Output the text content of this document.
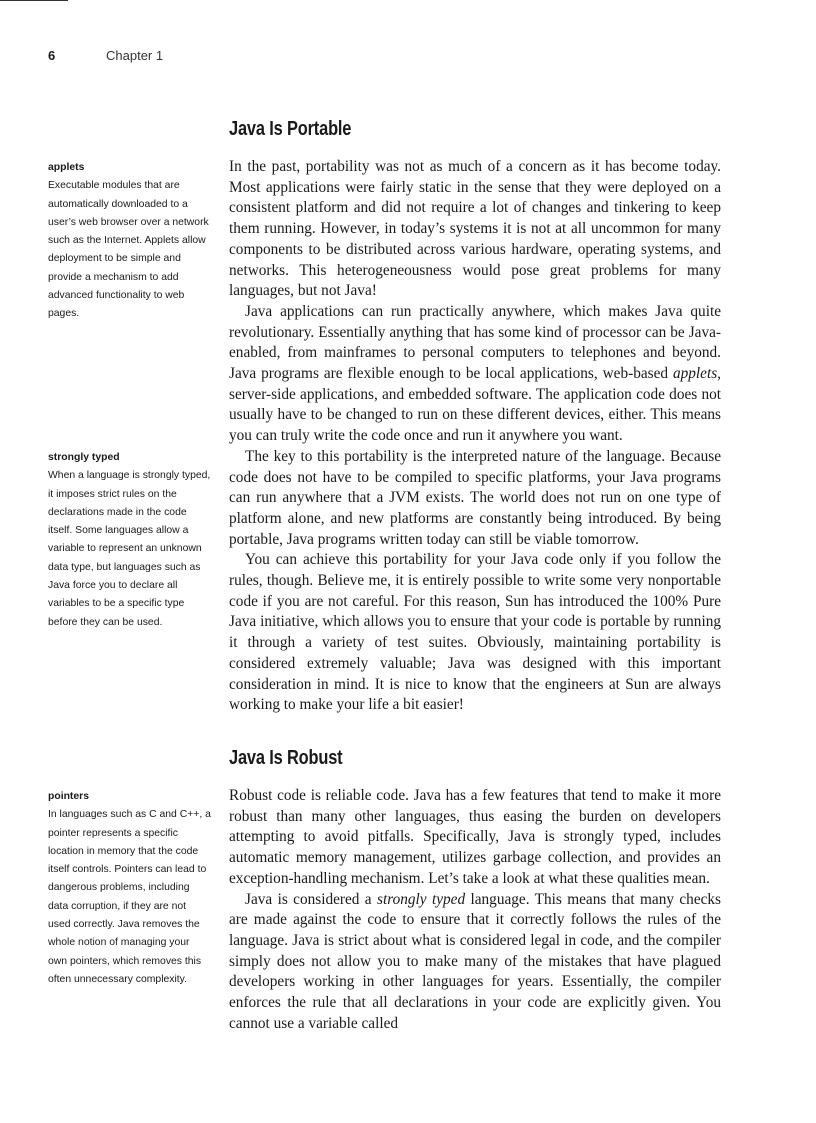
6	Chapter 1
Java Is Portable

In the past, portability was not as much of a concern as it has become today. Most applications were fairly static in the sense that they were deployed on a consistent platform and did not require a lot of changes and tinkering to keep them running. However, in today’s systems it is not at all uncommon for many components to be distributed across various hardware, operating systems, and networks. This heterogeneousness would pose great problems for many languages, but not Java!

Java applications can run practically anywhere, which makes Java quite revolutionary. Essentially anything that has some kind of processor can be Java-enabled, from mainframes to personal computers to telephones and beyond. Java programs are flexible enough to be local applications, web-based applets, server-side applications, and embedded software. The application code does not usually have to be changed to run on these different devices, either. This means you can truly write the code once and run it anywhere you want.

The key to this portability is the interpreted nature of the language. Because code does not have to be compiled to specific platforms, your Java programs can run anywhere that a JVM exists. The world does not run on one type of platform alone, and new platforms are constantly being introduced. By being portable, Java programs written today can still be viable tomorrow.

You can achieve this portability for your Java code only if you follow the rules, though. Believe me, it is entirely possible to write some very nonportable code if you are not careful. For this reason, Sun has introduced the 100% Pure Java initiative, which allows you to ensure that your code is portable by running it through a variety of test suites. Obviously, maintaining portability is considered extremely valuable; Java was designed with this important consideration in mind. It is nice to know that the engineers at Sun are always working to make your life a bit easier!

Java Is Robust

Robust code is reliable code. Java has a few features that tend to make it more robust than many other languages, thus easing the burden on developers attempting to avoid pitfalls. Specifically, Java is strongly typed, includes automatic memory management, utilizes garbage collection, and provides an exception-handling mechanism. Let’s take a look at what these qualities mean.

Java is considered a strongly typed language. This means that many checks are made against the code to ensure that it correctly follows the rules of the language. Java is strict about what is considered legal in code, and the compiler simply does not allow you to make many of the mistakes that have plagued developers working in other languages for years. Essentially, the compiler enforces the rule that all declarations in your code are explicitly given. You cannot use a variable called

applets

Executable modules that are automatically downloaded to a user’s web browser over a network such as the Internet. Applets allow deployment to be simple and provide a mechanism to add advanced functionality to web pages.

strongly typed

When a language is strongly typed, it imposes strict rules on the declarations made in the code itself. Some languages allow a variable to represent an unknown data type, but languages such as Java force you to declare all variables to be a specific type before they can be used.

pointers

In languages such as C and C++, a pointer represents a specific location in memory that the code itself controls. Pointers can lead to dangerous problems, including data corruption, if they are not used correctly. Java removes the whole notion of managing your own pointers, which removes this often unnecessary complexity.
